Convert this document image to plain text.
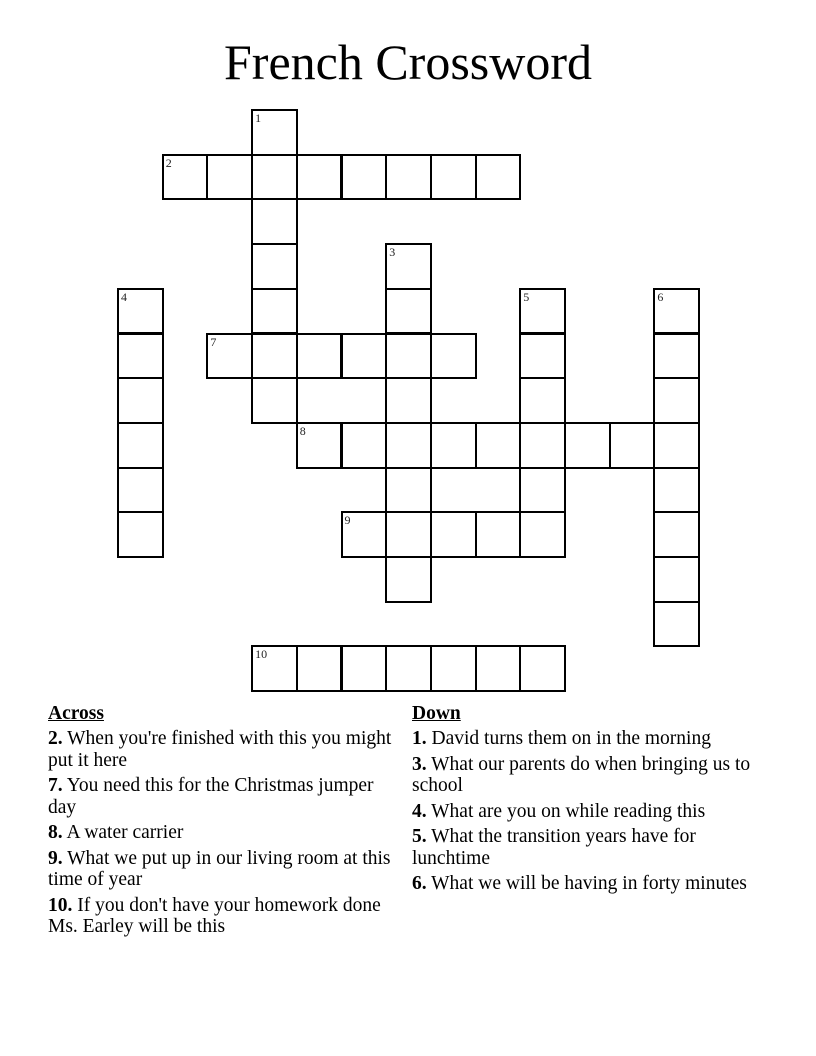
French Crossword
1
2
3
4	5	6
7
8
9
10
Across
2. When you're finished with this you might put it here
7. You need this for the Christmas jumper day
8. A water carrier
9. What we put up in our living room at this time of year
10. If you don't have your homework done Ms. Earley will be this
Down
1. David turns them on in the morning
3. What our parents do when bringing us to school
4. What are you on while reading this
5. What the transition years have for lunchtime
6. What we will be having in forty minutes
